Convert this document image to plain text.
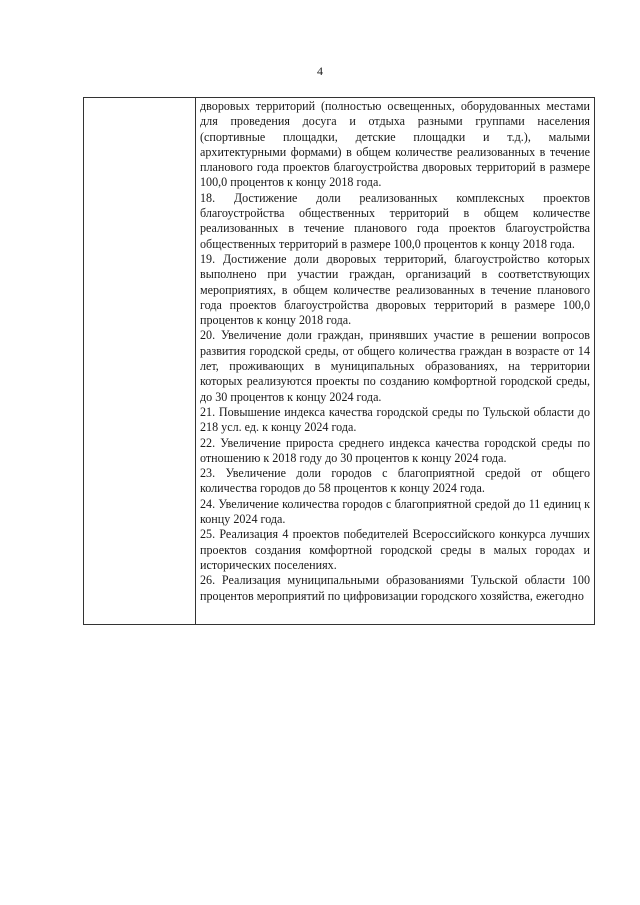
4

дворовых территорий (полностью освещенных, оборудованных местами для проведения досуга и отдыха разными группами населения (спортивные площадки, детские площадки и т.д.), малыми архитектурными формами) в общем количестве реализованных в течение планового года проектов благоустройства дворовых территорий в размере 100,0 процентов к концу 2018 года.

18. Достижение доли реализованных комплексных проектов благоустройства общественных территорий в общем количестве реализованных в течение планового года проектов благоустройства общественных территорий в размере 100,0 процентов к концу 2018 года.

19. Достижение доли дворовых территорий, благоустройство которых выполнено при участии граждан, организаций в соответствующих мероприятиях, в общем количестве реализованных в течение планового года проектов благоустройства дворовых территорий в размере 100,0 процентов к концу 2018 года.

20. Увеличение доли граждан, принявших участие в решении вопросов развития городской среды, от общего количества граждан в возрасте от 14 лет, проживающих в муниципальных образованиях, на территории которых реализуются проекты по созданию комфортной городской среды, до 30 процентов к концу 2024 года.

21. Повышение индекса качества городской среды по Тульской области до 218 усл. ед. к концу 2024 года.

22. Увеличение прироста среднего индекса качества городской среды по отношению к 2018 году до 30 процентов к концу 2024 года.

23. Увеличение доли городов с благоприятной средой от общего количества городов до 58 процентов к концу 2024 года.

24. Увеличение количества городов с благоприятной средой до 11 единиц к концу 2024 года.

25. Реализация 4 проектов победителей Всероссийского конкурса лучших проектов создания комфортной городской среды в малых городах и исторических поселениях.

26. Реализация муниципальными образованиями Тульской области 100 процентов мероприятий по цифровизации городского хозяйства, ежегодно
